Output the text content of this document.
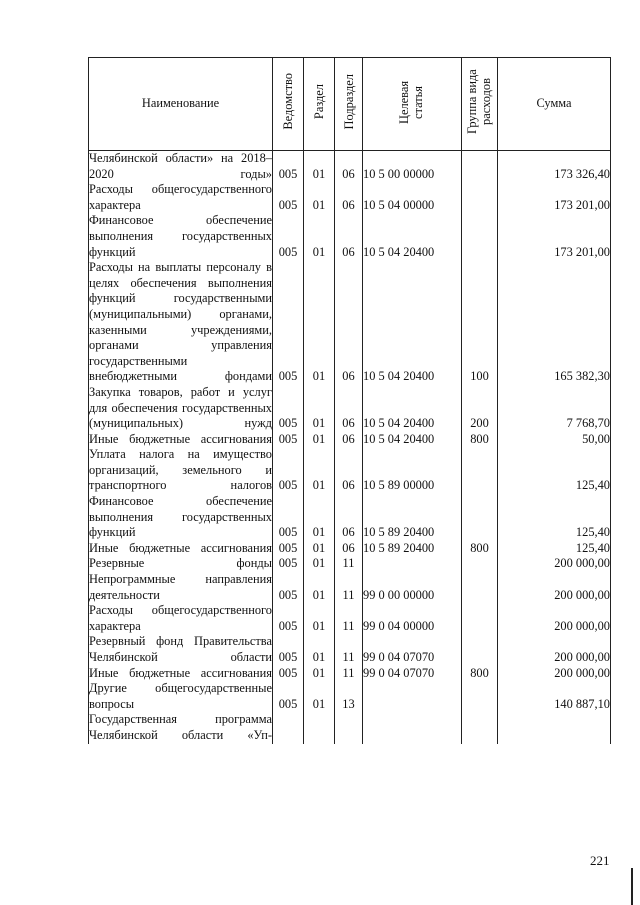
Наименование	Ведомство	Раздел	Подраздел	Целевая статья	Группа вида расходов	Сумма
Челябинской области» на 2018–2020 годы»	005	01	06	10 5 00 00000		173 326,40
Расходы общегосударственного характера	005	01	06	10 5 04 00000		173 201,00
Финансовое обеспечение выполнения государственных функций	005	01	06	10 5 04 20400		173 201,00
Расходы на выплаты персоналу в целях обеспечения выполнения функций государственными (муниципальными) органами, казенными учреждениями, органами управления государственными внебюджетными фондами	005	01	06	10 5 04 20400	100	165 382,30
Закупка товаров, работ и услуг для обеспечения государственных (муниципальных) нужд	005	01	06	10 5 04 20400	200	7 768,70
Иные бюджетные ассигнования	005	01	06	10 5 04 20400	800	50,00
Уплата налога на имущество организаций, земельного и транспортного налогов	005	01	06	10 5 89 00000		125,40
Финансовое обеспечение выполнения государственных функций	005	01	06	10 5 89 20400		125,40
Иные бюджетные ассигнования	005	01	06	10 5 89 20400	800	125,40
Резервные фонды	005	01	11			200 000,00
Непрограммные направления деятельности	005	01	11	99 0 00 00000		200 000,00
Расходы общегосударственного характера	005	01	11	99 0 04 00000		200 000,00
Резервный фонд Правительства Челябинской области	005	01	11	99 0 04 07070		200 000,00
Иные бюджетные ассигнования	005	01	11	99 0 04 07070	800	200 000,00
Другие общегосударственные вопросы	005	01	13			140 887,10
Государственная программа Челябинской области «Уп-						
221
